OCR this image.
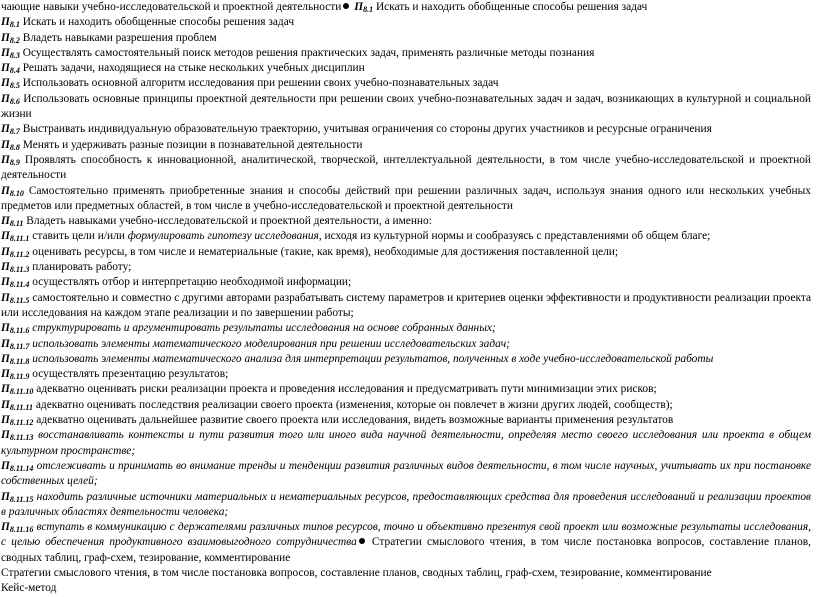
чающие навыки учебно-исследовательской и проектной деятельности $П_{8.1}$ Искать и находить обобщенные способы решения задач

$П_{8.1}$ Искать и находить обобщенные способы решения задач

$П_{8.2}$ Владеть навыками разрешения проблем

$П_{8.3}$ Осуществлять самостоятельный поиск методов решения практических задач, применять различные методы познания

$П_{8.4}$ Решать задачи, находящиеся на стыке нескольких учебных дисциплин

$П_{8.5}$ Использовать основной алгоритм исследования при решении своих учебно-познавательных задач

$П_{8.6}$ Использовать основные принципы проектной деятельности при решении своих учебно-познавательных задач и задач, возникающих в культурной и социальной жизни

$П_{8.7}$ Выстраивать индивидуальную образовательную траекторию, учитывая ограничения со стороны других участников и ресурсные ограничения

$П_{8.8}$ Менять и удерживать разные позиции в познавательной деятельности

$П_{8.9}$ Проявлять способность к инновационной, аналитической, творческой, интеллектуальной деятельности, в том числе учебно-исследовательской и проектной деятельности

$П_{8.10}$ Самостоятельно применять приобретенные знания и способы действий при решении различных задач, используя знания одного или нескольких учебных предметов или предметных областей, в том числе в учебно-исследовательской и проектной деятельности

$П_{8.11}$ Владеть навыками учебно-исследовательской и проектной деятельности, а именно:

$П_{8.11.1}$ ставить цели и/или формулировать гипотезу исследования, исходя из культурной нормы и сообразуясь с представлениями об общем благе;

$П_{8.11.2}$ оценивать ресурсы, в том числе и нематериальные (такие, как время), необходимые для достижения поставленной цели;

$П_{8.11.3}$ планировать работу;

$П_{8.11.4}$ осуществлять отбор и интерпретацию необходимой информации;

$П_{8.11.5}$ самостоятельно и совместно с другими авторами разрабатывать систему параметров и критериев оценки эффективности и продуктивности реализации проекта или исследования на каждом этапе реализации и по завершении работы;

$П_{8.11.6}$ структурировать и аргументировать результаты исследования на основе собранных данных;

$П_{8.11.7}$ использовать элементы математического моделирования при решении исследовательских задач;

$П_{8.11.8}$ использовать элементы математического анализа для интерпретации результатов, полученных в ходе учебно-исследовательской работы

$П_{8.11.9}$ осуществлять презентацию результатов;

$П_{8.11.10}$ адекватно оценивать риски реализации проекта и проведения исследования и предусматривать пути минимизации этих рисков;

$П_{8.11.11}$ адекватно оценивать последствия реализации своего проекта (изменения, которые он повлечет в жизни других людей, сообществ);

$П_{8.11.12}$ адекватно оценивать дальнейшее развитие своего проекта или исследования, видеть возможные варианты применения результатов

$П_{8.11.13}$ восстанавливать контексты и пути развития того или иного вида научной деятельности, определяя место своего исследования или проекта в общем культурном пространстве;

$П_{8.11.14}$ отслеживать и принимать во внимание тренды и тенденции развития различных видов деятельности, в том числе научных, учитывать их при постановке собственных целей;

$П_{8.11.15}$ находить различные источники материальных и нематериальных ресурсов, предоставляющих средства для проведения исследований и реализации проектов в различных областях деятельности человека;

$П_{8.11.16}$ вступать в коммуникацию с держателями различных типов ресурсов, точно и объективно презентуя свой проект или возможные результаты исследования, с целью обеспечения продуктивного взаимовыгодного сотрудничества Стратегии смыслового чтения, в том числе постановка вопросов, составление планов, сводных таблиц, граф-схем, тезирование, комментирование

Стратегии смыслового чтения, в том числе постановка вопросов, составление планов, сводных таблиц, граф-схем, тезирование, комментирование

Кейс-метод
